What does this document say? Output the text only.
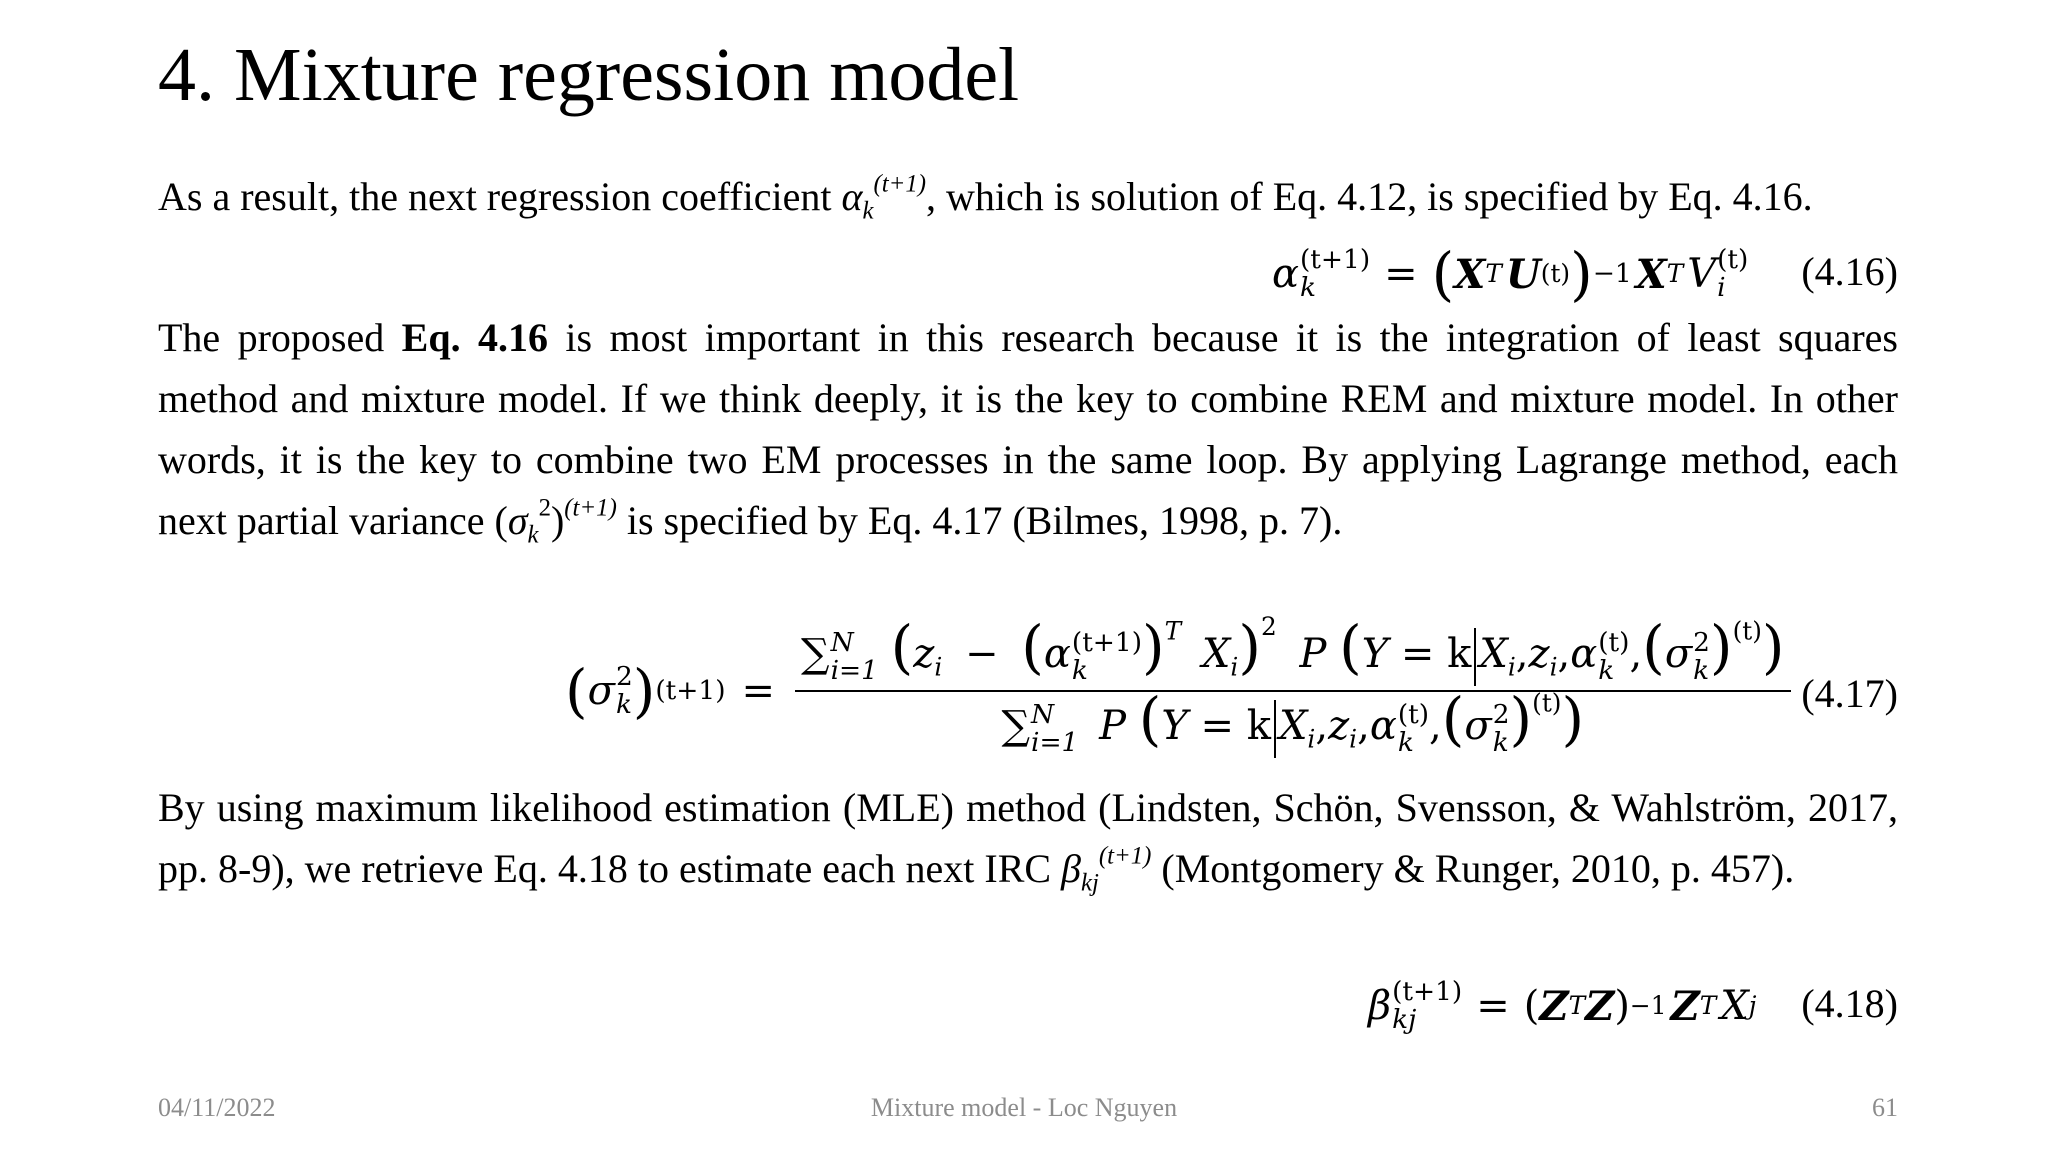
4. Mixture regression model

As a result, the next regression coefficient $\alpha_k^{(t+1)}$, which is solution of Eq. 4.12, is specified by Eq. 4.16.

α (t+1)
k	= ( X T U (t) ) −1 X T V (t)
i	(4.16)

The proposed Eq. 4.16 is most important in this research because it is the integration of least squares method and mixture model. If we think deeply, it is the key to combine REM and mixture model. In other words, it is the key to combine two EM processes in the same loop. By applying Lagrange method, each next partial variance $(\sigma_k^2)^{(t+1)}$ is specified by Eq. 4.17 (Bilmes, 1998, p. 7).

( σ 2
k ) (t+1) =
∑ N
i=1 ($z_i - (\alpha$ (t+1)
k )$^T$ $X_i)^2$ P (Y = k $X_i,z_i,\alpha$ (t)
k ,(σ 2
k )$^{(t)}$)
∑ N
i=1 P (Y = k $X_i,z_i,\alpha$ (t)
k ,(σ 2
k )$^{(t)}$)	(4.17)

By using maximum likelihood estimation (MLE) method (Lindsten, Schön, Svensson, & Wahlström, 2017, pp. 8-9), we retrieve Eq. 4.18 to estimate each next IRC $\beta_{kj}^{(t+1)}$ (Montgomery & Runger, 2010, p. 457).

β (t+1)
kj	= ( Z T Z ) −1 Z T X j (4.18)
04/11/2022	Mixture model - Loc Nguyen	61
